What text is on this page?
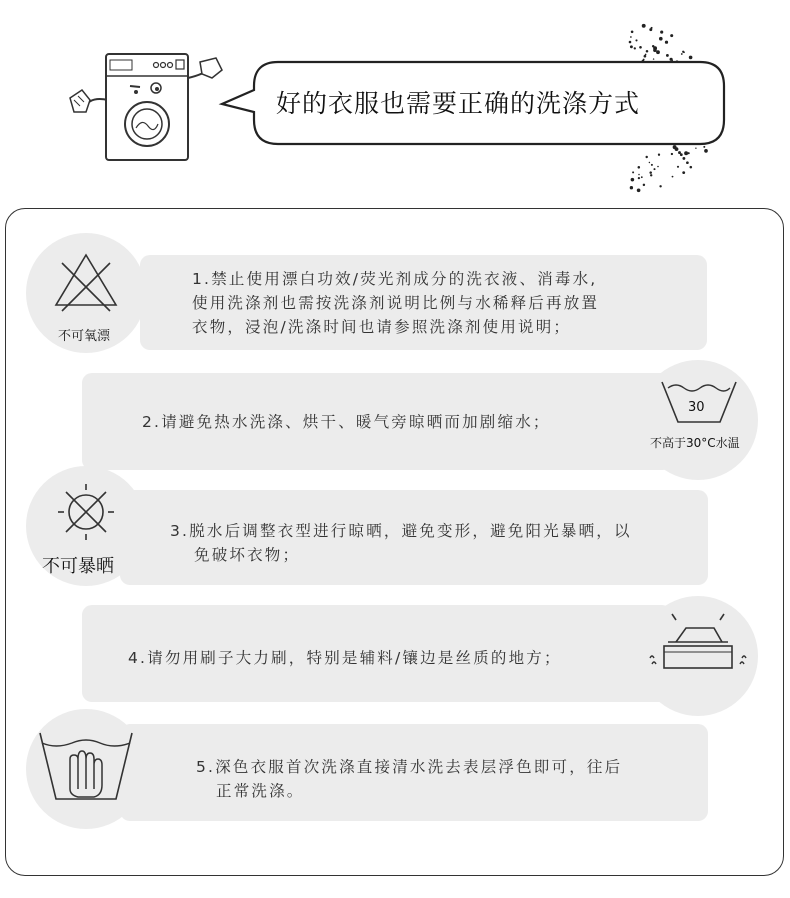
好的衣服也需要正确的洗涤方式
不可氧漂
1.禁止使用漂白功效/荧光剂成分的洗衣液、消毒水,
使用洗涤剂也需按洗涤剂说明比例与水稀释后再放置
衣物，浸泡/洗涤时间也请参照洗涤剂使用说明；
30
不高于30°C水温
2.请避免热水洗涤、烘干、暖气旁晾晒而加剧缩水；
不可暴晒
3.脱水后调整衣型进行晾晒，避免变形，避免阳光暴晒，以
免破坏衣物；
4.请勿用刷子大力刷，特别是辅料/镶边是丝质的地方；
5.深色衣服首次洗涤直接清水洗去表层浮色即可，往后
正常洗涤。
